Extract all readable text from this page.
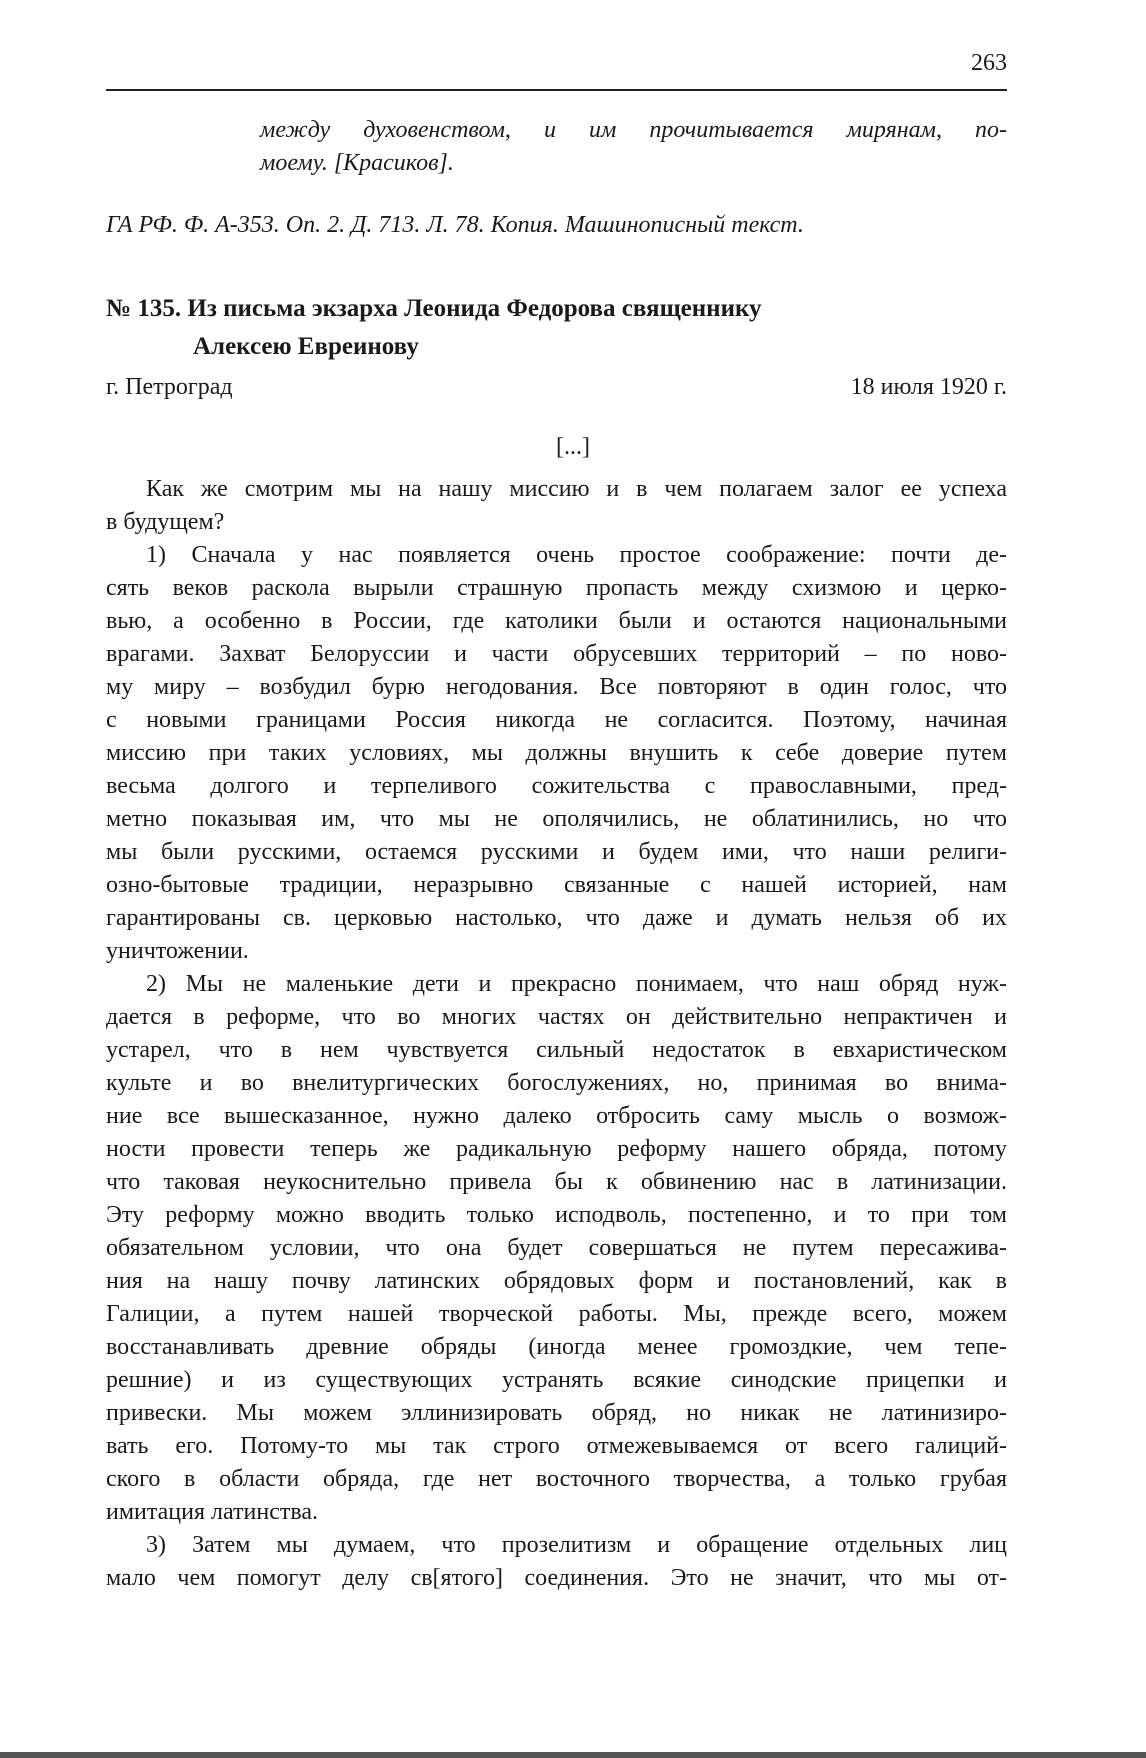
263
между духовенством, и им прочитывается мирянам, по-
моему. [Красиков].
ГА РФ. Ф. А-353. Оп. 2. Д. 713. Л. 78. Копия. Машинописный текст.
№ 135. Из письма экзарха Леонида Федорова священнику
Алексею Евреинову
г. Петроград	18 июля 1920 г.
[...]
Как же смотрим мы на нашу миссию и в чем полагаем залог ее успеха
в будущем?
1) Сначала у нас появляется очень простое соображение: почти де-
сять веков раскола вырыли страшную пропасть между схизмою и церко-
вью, а особенно в России, где католики были и остаются национальными
врагами. Захват Белоруссии и части обрусевших территорий – по ново-
му миру – возбудил бурю негодования. Все повторяют в один голос, что
с новыми границами Россия никогда не согласится. Поэтому, начиная
миссию при таких условиях, мы должны внушить к себе доверие путем
весьма долгого и терпеливого сожительства с православными, пред-
метно показывая им, что мы не ополячились, не облатинились, но что
мы были русскими, остаемся русскими и будем ими, что наши религи-
озно-бытовые традиции, неразрывно связанные с нашей историей, нам
гарантированы св. церковью настолько, что даже и думать нельзя об их
уничтожении.
2) Мы не маленькие дети и прекрасно понимаем, что наш обряд нуж-
дается в реформе, что во многих частях он действительно непрактичен и
устарел, что в нем чувствуется сильный недостаток в евхаристическом
культе и во внелитургических богослужениях, но, принимая во внима-
ние все вышесказанное, нужно далеко отбросить саму мысль о возмож-
ности провести теперь же радикальную реформу нашего обряда, потому
что таковая неукоснительно привела бы к обвинению нас в латинизации.
Эту реформу можно вводить только исподволь, постепенно, и то при том
обязательном условии, что она будет совершаться не путем пересажива-
ния на нашу почву латинских обрядовых форм и постановлений, как в
Галиции, а путем нашей творческой работы. Мы, прежде всего, можем
восстанавливать древние обряды (иногда менее громоздкие, чем тепе-
решние) и из существующих устранять всякие синодские прицепки и
привески. Мы можем эллинизировать обряд, но никак не латинизиро-
вать его. Потому-то мы так строго отмежевываемся от всего галиций-
ского в области обряда, где нет восточного творчества, а только грубая
имитация латинства.
3) Затем мы думаем, что прозелитизм и обращение отдельных лиц
мало чем помогут делу св[ятого] соединения. Это не значит, что мы от-
